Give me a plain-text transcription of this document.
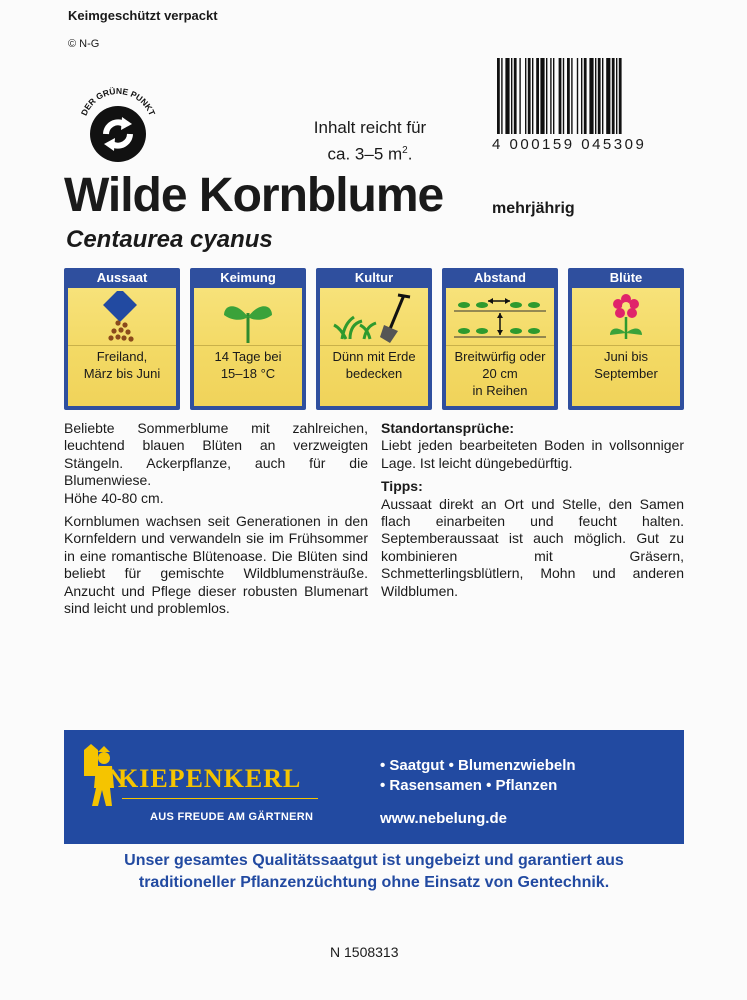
Keimgeschützt verpackt
© N-G
DER GRÜNE PUNKT
Inhalt reicht für
ca. 3–5 $m^2$.
4 000159 045309
Wilde Kornblume	mehrjährig
Centaurea cyanus
Aussaat
Freiland,
März bis Juni
Keimung
14 Tage bei
15–18 °C
Kultur
Dünn mit Erde
bedecken
Abstand
Breitwürfig oder
20 cm
in Reihen
Blüte
Juni bis
September

Beliebte Sommerblume mit zahlreichen, leuchtend blauen Blüten an verzweigten Stängeln. Ackerpflanze, auch für die Blumenwiese.

Höhe 40-80 cm.

Kornblumen wachsen seit Generationen in den Kornfeldern und verwandeln sie im Frühsommer in eine romantische Blütenoase. Die Blüten sind beliebt für gemischte Wildblumensträuße. Anzucht und Pflege dieser robusten Blumenart sind leicht und problemlos.

Standortansprüche:

Liebt jeden bearbeiteten Boden in vollsonniger Lage. Ist leicht düngebedürftig.

Tipps:

Aussaat direkt an Ort und Stelle, den Samen flach einarbeiten und feucht halten. Septemberaussaat ist auch möglich. Gut zu kombinieren mit Gräsern, Schmetterlingsblütlern, Mohn und anderen Wildblumen.

KIEPENKERL
AUS FREUDE AM GÄRTNERN
• Saatgut • Blumenzwiebeln
• Rasensamen • Pflanzen
www.nebelung.de
Unser gesamtes Qualitätssaatgut ist ungebeizt und garantiert aus
traditioneller Pflanzenzüchtung ohne Einsatz von Gentechnik.
N 1508313
